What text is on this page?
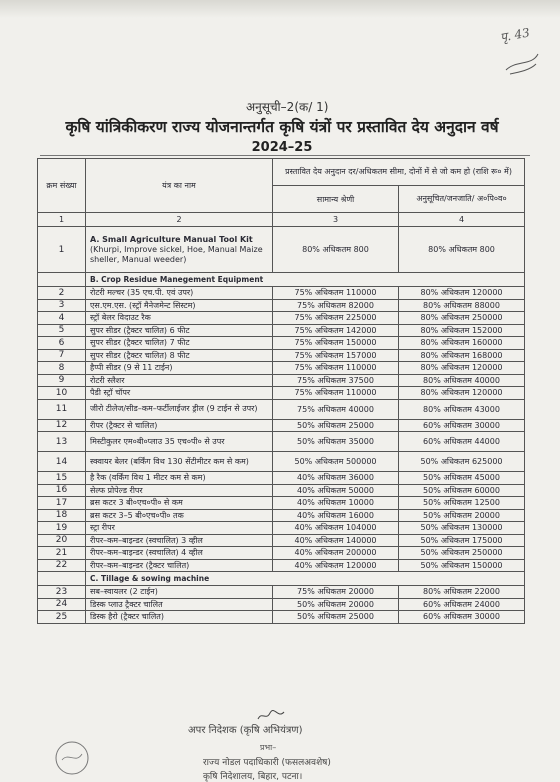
पृ. 43
अनुसूची–2(क/ 1)
कृषि यांत्रिकीकरण राज्य योजनान्तर्गत कृषि यंत्रों पर प्रस्तावित देय अनुदान वर्ष
2024–25
क्रम संख्या	यंत्र का नाम	प्रस्तावित देय अनुदान दर/अधिकतम सीमा, दोनों में से जो कम हो (राशि रू० में)	
		सामान्य श्रेणी	अनुसूचित/जनजाति/ अ०पि०व०
1	2	3	4
1	A. Small Agriculture Manual Tool Kit
(Khurpi, Improve sickel, Hoe, Manual Maize sheller, Manual weeder)	80% अधिकतम 800	80% अधिकतम 800
	B. Crop Residue Manegement Equipment		
2	रोटरी मल्चर (35 एच.पी. एवं उपर)	75% अधिकतम 110000	80% अधिकतम 120000
3	एस.एम.एस. (स्ट्रॉ मैनेजमेन्ट सिस्टम)	75% अधिकतम 82000	80% अधिकतम 88000
4	स्ट्रॉ बेलर विदाउट रैक	75% अधिकतम 225000	80% अधिकतम 250000
5	सुपर सीडर (ट्रैक्टर चालित) 6 फीट	75% अधिकतम 142000	80% अधिकतम 152000
6	सुपर सीडर (ट्रैक्टर चालित) 7 फीट	75% अधिकतम 150000	80% अधिकतम 160000
7	सुपर सीडर (ट्रैक्टर चालित) 8 फीट	75% अधिकतम 157000	80% अधिकतम 168000
8	हैप्पी सीडर (9 से 11 टाईन)	75% अधिकतम 110000	80% अधिकतम 120000
9	रोटरी स्लैशर	75% अधिकतम 37500	80% अधिकतम 40000
10	पैडी स्ट्रॉ चॉपर	75% अधिकतम 110000	80% अधिकतम 120000
11	जीरो टीलेज/सीड–कम–फर्टीलाईजर ड्रील (9 टाईन से उपर)	75% अधिकतम 40000	80% अधिकतम 43000
12	रीपर (ट्रैक्टर से चालित)	50% अधिकतम 25000	60% अधिकतम 30000
13	मिस्टीकुलर एम०बी०प्लाउ 35 एच०पी० से उपर	50% अधिकतम 35000	60% अधिकतम 44000
14	स्क्वायर बेलर (बर्किंग विथ 130 सेंटीमीटर कम से कम)	50% अधिकतम 500000	50% अधिकतम 625000
15	है रैक (वर्किंग विथ 1 मीटर कम से कम)	40% अधिकतम 36000	50% अधिकतम 45000
16	सेल्फ प्रोपेल्ड रीपर	40% अधिकतम 50000	50% अधिकतम 60000
17	ब्रस कटर 3 बी०एच०पी० से कम	40% अधिकतम 10000	50% अधिकतम 12500
18	ब्रस कटर 3–5 बी०एच०पी० तक	40% अधिकतम 16000	50% अधिकतम 20000
19	स्ट्रा रीपर	40% अधिकतम 104000	50% अधिकतम 130000
20	रीपर–कम–बाइन्डर (स्वचालित) 3 व्हील	40% अधिकतम 140000	50% अधिकतम 175000
21	रीपर–कम–बाइन्डर (स्वचालित) 4 व्हील	40% अधिकतम 200000	50% अधिकतम 250000
22	रीपर–कम–बाइन्डर (ट्रैक्टर चालित)	40% अधिकतम 120000	50% अधिकतम 150000
	C. Tillage & sowing machine		
23	सब–स्वायलर (2 टाईन)	75% अधिकतम 20000	80% अधिकतम 22000
24	डिस्क प्लाउ ट्रैक्टर चालित	50% अधिकतम 20000	60% अधिकतम 24000
25	डिस्क हैरो (ट्रैक्टर चालित)	50% अधिकतम 25000	60% अधिकतम 30000
अपर निदेशक (कृषि अभियंत्रण)
प्रभा–
राज्य नोडल पदाधिकारी (फसलअवशेष)
कृषि निदेशालय, बिहार, पटना।
